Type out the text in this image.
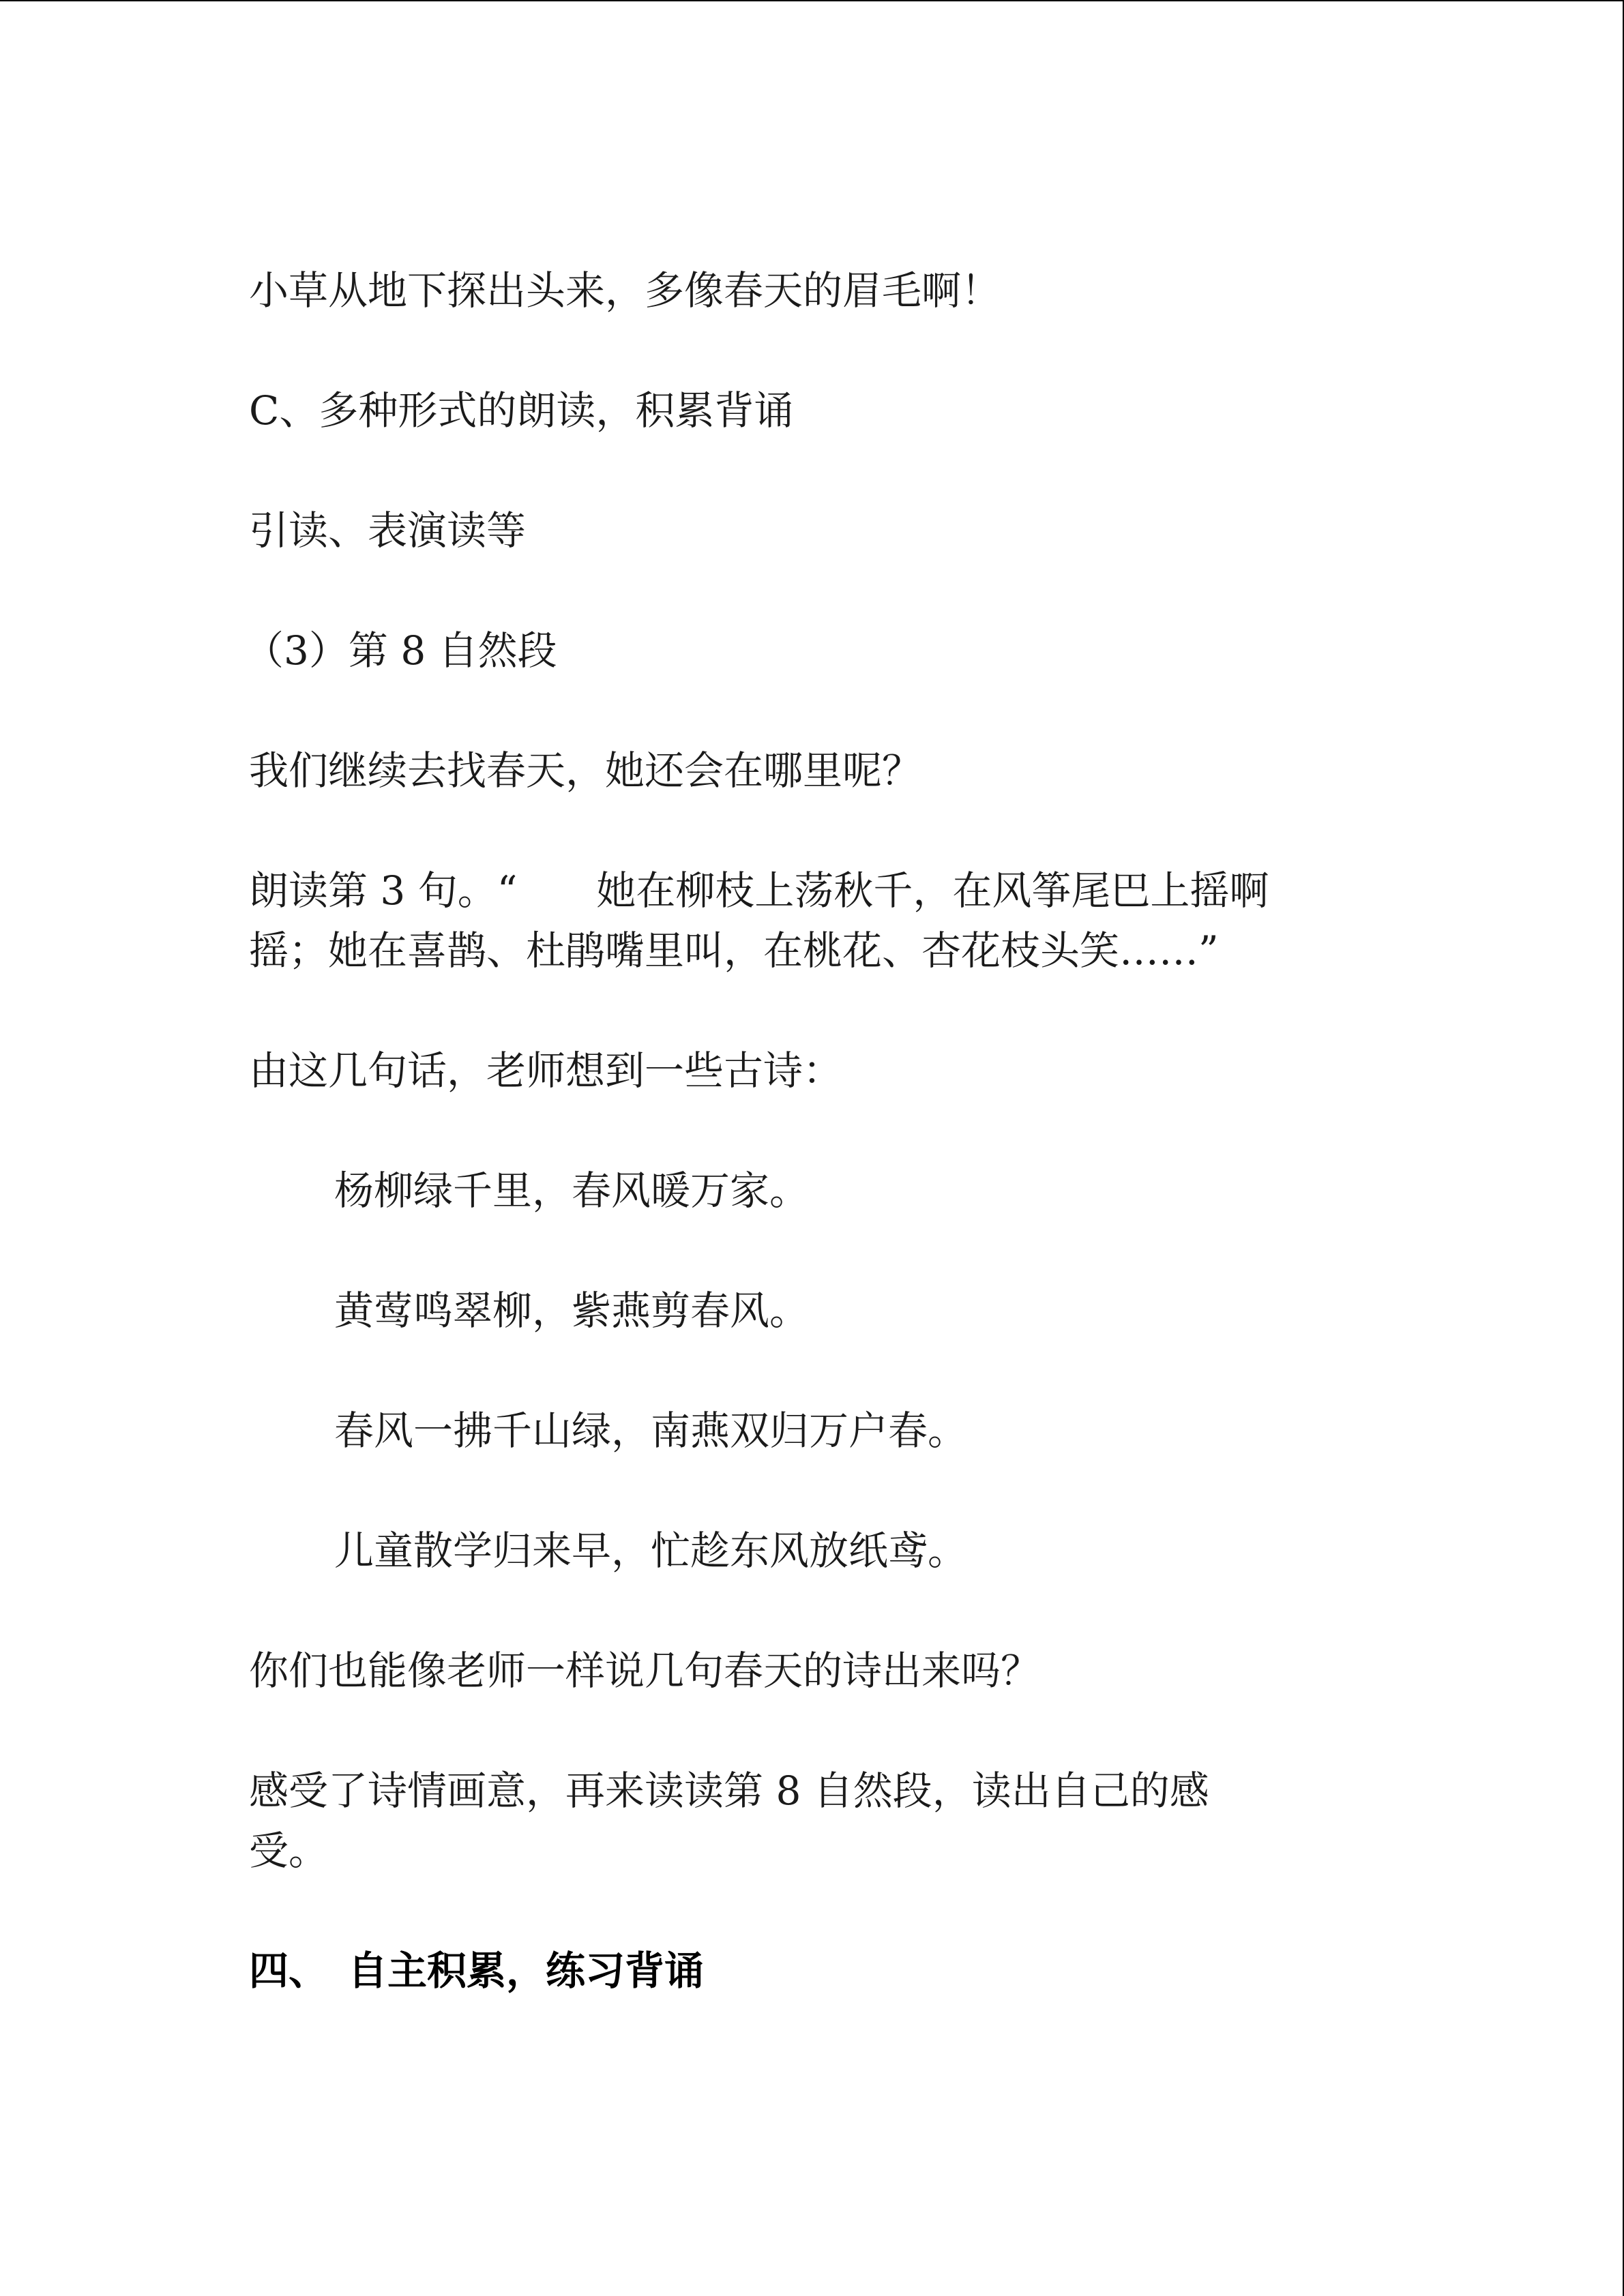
小草从地下探出头来，多像春天的眉毛啊！

C、多种形式的朗读，积累背诵

引读、表演读等

（3）第 8 自然段

我们继续去找春天，她还会在哪里呢？

朗读第 3 句。“　　她在柳枝上荡秋千，在风筝尾巴上摇啊

摇；她在喜鹊、杜鹃嘴里叫，在桃花、杏花枝头笑……”

由这几句话，老师想到一些古诗：

杨柳绿千里，春风暖万家。

黄莺鸣翠柳，紫燕剪春风。

春风一拂千山绿，南燕双归万户春。

儿童散学归来早，忙趁东风放纸鸢。

你们也能像老师一样说几句春天的诗出来吗？

感受了诗情画意，再来读读第 8 自然段，读出自己的感

受。

四、　自主积累，练习背诵
